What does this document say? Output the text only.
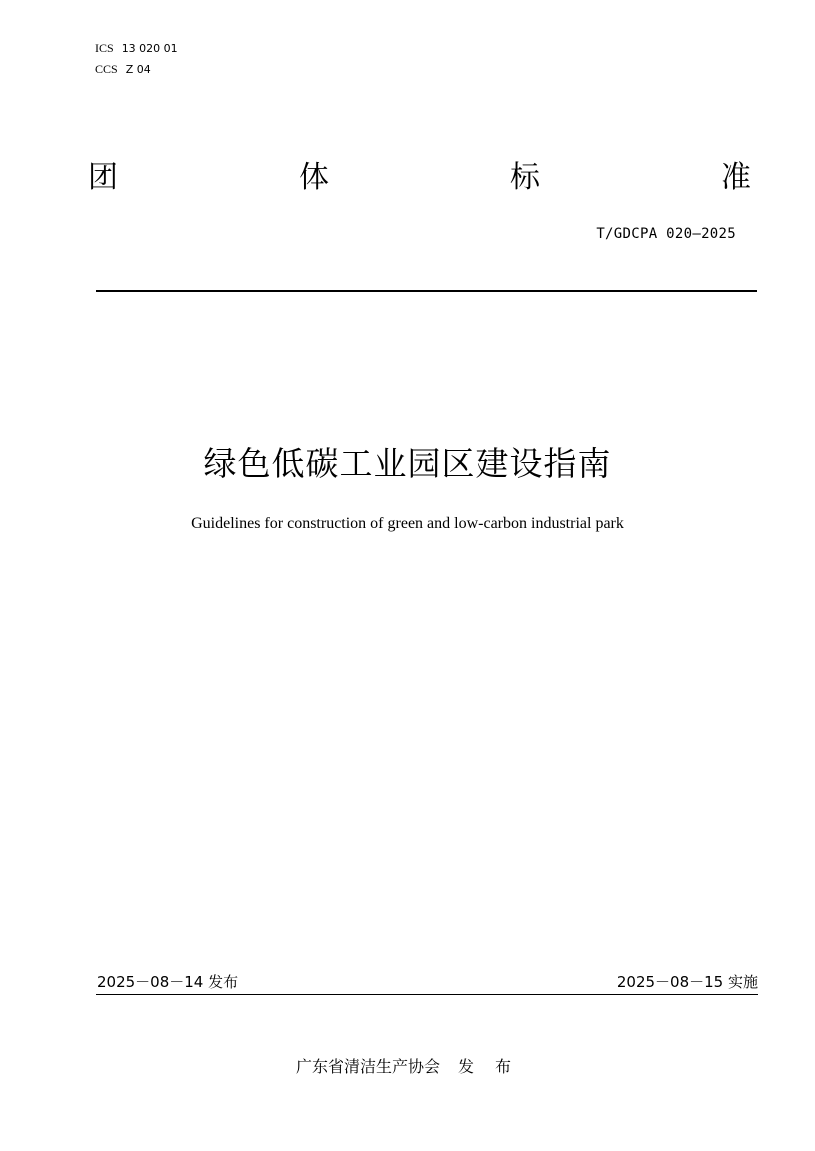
ICS 13 020 01
CCS Z 04
团	体	标	准
T/GDCPA 020—2025
绿色低碳工业园区建设指南
Guidelines for construction of green and low-carbon industrial park
2025－08－14 发布	2025－08－15 实施
广东省清洁生产协会 发 布
